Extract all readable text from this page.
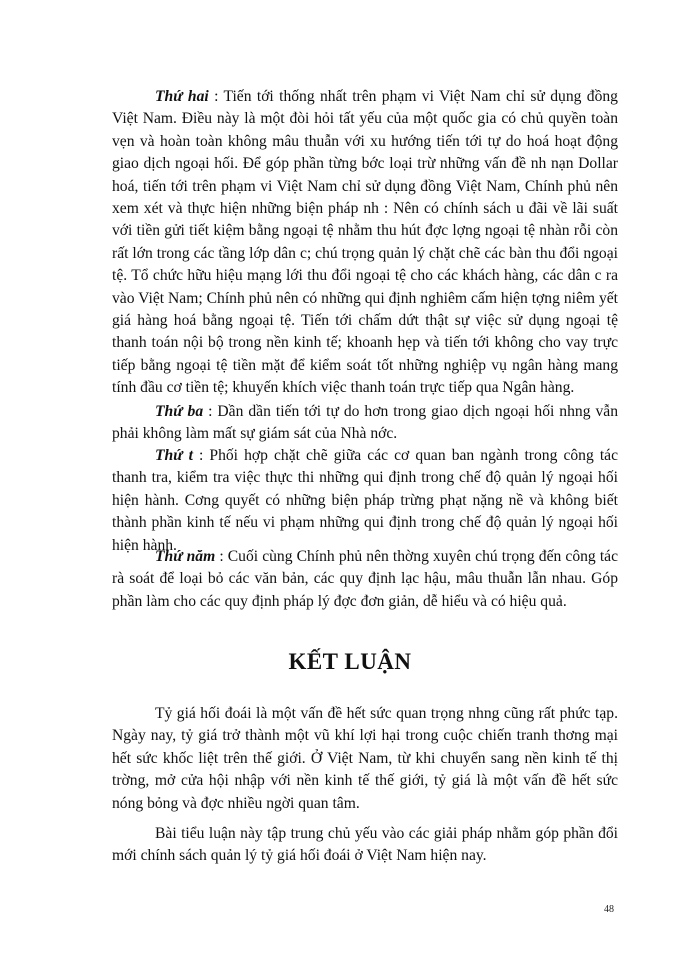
Thứ hai : Tiến tới thống nhất trên phạm vi Việt Nam chỉ sử dụng đồng Việt Nam. Điều này là một đòi hỏi tất yếu của một quốc gia có chủ quyền toàn vẹn và hoàn toàn không mâu thuẫn với xu hướng tiến tới tự do hoá hoạt động giao dịch ngoại hối. Để góp phần từng bớc loại trừ những vấn đề nh nạn Dollar hoá, tiến tới trên phạm vi Việt Nam chỉ sử dụng đồng Việt Nam, Chính phủ nên xem xét và thực hiện những biện pháp nh : Nên có chính sách u đãi về lãi suất với tiền gửi tiết kiệm bằng ngoại tệ nhằm thu hút đợc lợng ngoại tệ nhàn rỗi còn rất lớn trong các tầng lớp dân c; chú trọng quản lý chặt chẽ các bàn thu đổi ngoại tệ. Tổ chức hữu hiệu mạng lới thu đổi ngoại tệ cho các khách hàng, các dân c ra vào Việt Nam; Chính phủ nên có những qui định nghiêm cấm hiện tợng niêm yết giá hàng hoá bằng ngoại tệ. Tiến tới chấm dứt thật sự việc sử dụng ngoại tệ thanh toán nội bộ trong nền kinh tế; khoanh hẹp và tiến tới không cho vay trực tiếp bằng ngoại tệ tiền mặt để kiểm soát tốt những nghiệp vụ ngân hàng mang tính đầu cơ tiền tệ; khuyến khích việc thanh toán trực tiếp qua Ngân hàng.

Thứ ba : Dần dần tiến tới tự do hơn trong giao dịch ngoại hối nhng vẫn phải không làm mất sự giám sát của Nhà nớc.

Thứ t : Phối hợp chặt chẽ giữa các cơ quan ban ngành trong công tác thanh tra, kiểm tra việc thực thi những qui định trong chế độ quản lý ngoại hối hiện hành. Cơng quyết có những biện pháp trừng phạt nặng nề và không biết thành phần kinh tế nếu vi phạm những qui định trong chế độ quản lý ngoại hối hiện hành.

Thứ năm : Cuối cùng Chính phủ nên thờng xuyên chú trọng đến công tác rà soát để loại bỏ các văn bản, các quy định lạc hậu, mâu thuẫn lẫn nhau. Góp phần làm cho các quy định pháp lý đợc đơn giản, dễ hiểu và có hiệu quả.

KẾT LUẬN

Tỷ giá hối đoái là một vấn đề hết sức quan trọng nhng cũng rất phức tạp. Ngày nay, tỷ giá trở thành một vũ khí lợi hại trong cuộc chiến tranh thơng mại hết sức khốc liệt trên thế giới. Ở Việt Nam, từ khi chuyển sang nền kinh tế thị trờng, mở cửa hội nhập với nền kinh tế thế giới, tỷ giá là một vấn đề hết sức nóng bỏng và đợc nhiều ngời quan tâm.

Bài tiểu luận này tập trung chủ yếu vào các giải pháp nhằm góp phần đổi mới chính sách quản lý tỷ giá hối đoái ở Việt Nam hiện nay.

48
